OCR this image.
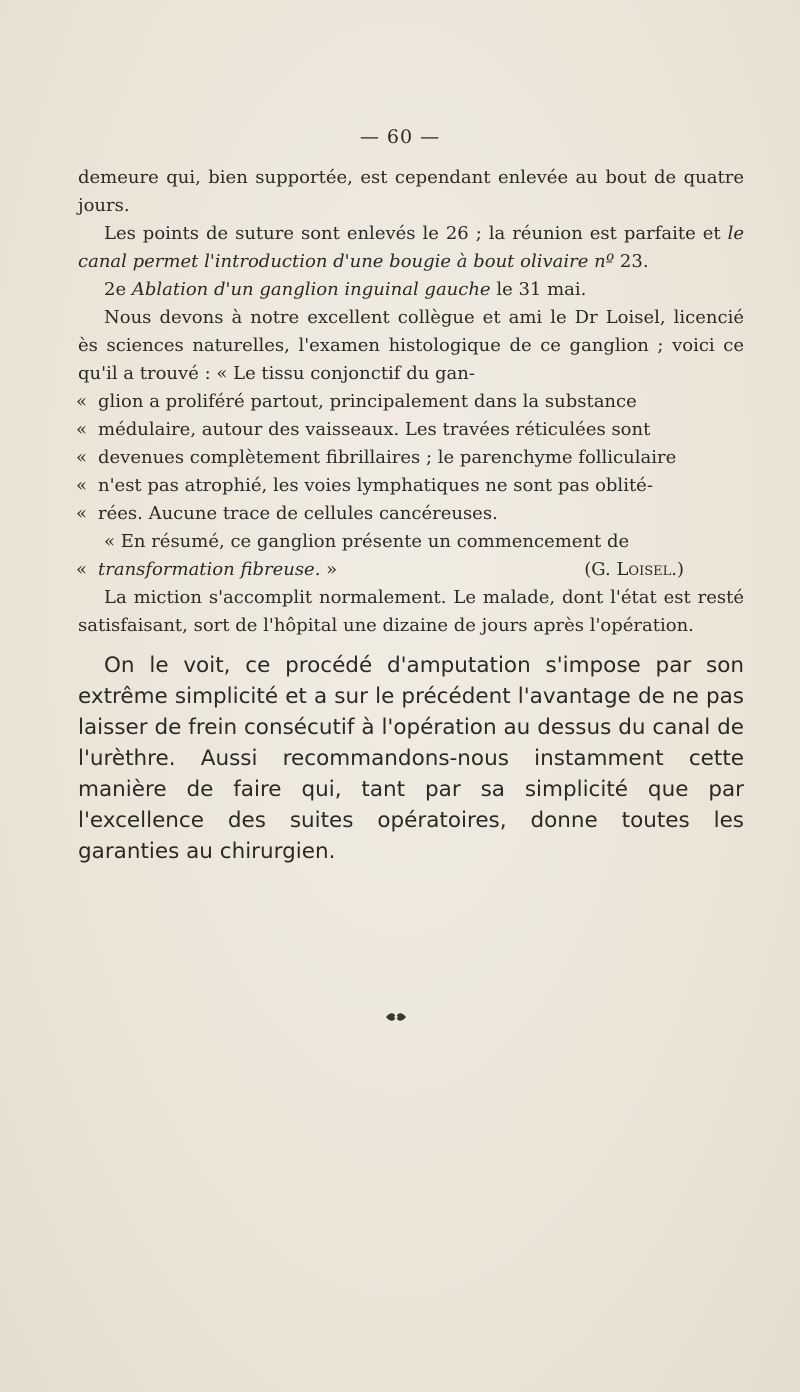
— 60 —

demeure qui, bien supportée, est cependant enlevée au bout de quatre jours.

Les points de suture sont enlevés le 26 ; la réunion est parfaite et le canal permet l'introduction d'une bougie à bout olivaire nº 23.

2e Ablation d'un ganglion inguinal gauche le 31 mai.

Nous devons à notre excellent collègue et ami le Dr Loisel, licencié ès sciences naturelles, l'examen histologique de ce ganglion ; voici ce qu'il a trouvé : « Le tissu conjonctif du gan-

« glion a proliféré partout, principalement dans la substance

« médulaire, autour des vaisseaux. Les travées réticulées sont

« devenues complètement fibrillaires ; le parenchyme folliculaire

« n'est pas atrophié, les voies lymphatiques ne sont pas oblité-

« rées. Aucune trace de cellules cancéreuses.

« En résumé, ce ganglion présente un commencement de

« transformation fibreuse. »	(G. Loisel.)

La miction s'accomplit normalement. Le malade, dont l'état est resté satisfaisant, sort de l'hôpital une dizaine de jours après l'opération.

On le voit, ce procédé d'amputation s'impose par son extrême simplicité et a sur le précédent l'avantage de ne pas laisser de frein consécutif à l'opération au dessus du canal de l'urèthre. Aussi recommandons-nous instamment cette manière de faire qui, tant par sa simplicité que par l'excellence des suites opératoires, donne toutes les garanties au chirurgien.
